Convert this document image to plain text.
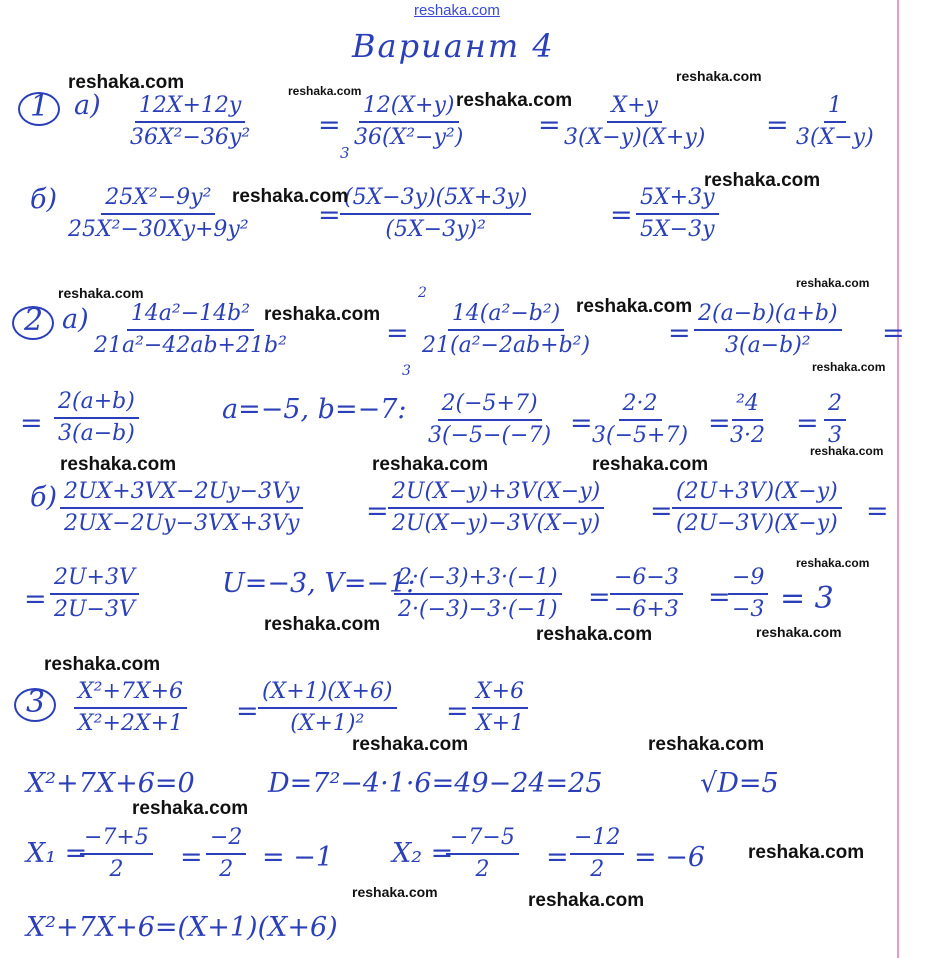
reshaka.com
Вариант 4
1 $а) \frac{12X+12y}{\text{36X²−36y²}} = \frac{12(X+y)}{\text{36(X²−y²)}}$
3
= $\frac{X+y}{3(X-y)(X+y)} = \frac{1}{3(X-y)}$
$б) \frac{\text{25X²−9y²}}{\text{25X²−30Xy+9y²}} = \frac{(5X-3y)(5X+3y)}{\text{(5X−3y)²}}$	= $\frac{5X+3y}{5X-3y}$
2 $а) \frac{\text{14a²−14b²}}{\text{21a²−42ab+21b²}}$	=
2
$\frac{\text{14(a²−b²)}}{\text{21(a²−2ab+b²)}}$
3
= $\frac{2(a-b)(a+b)}{\text{3(a−b)²}}$ =
= $\frac{2(a+b)}{3(a-b)}$	a=−5, b=−7: $\frac{2(-5+7)}{3(-5-(-7)}$ =
$\frac{2\cdot 2}{3(-5+7)}$ =
$\frac{\text{²4}}{3\cdot 2} = \frac{2}{3}$
$б) \frac{2UX+3VX-2Uy-3Vy}{2UX-2Uy-3VX+3Vy} = \frac{2U(X-y)+3V(X-y)}{2U(X-y)-3V(X-y)} = \frac{(2U+3V)(X-y)}{(2U-3V)(X-y)}$ =
= $\frac{2U+3V}{2U-3V}$	U=−3, V=−1:
$\frac{2\cdot(-3)+3\cdot(-1)}{2\cdot(-3)-3\cdot(-1)} = \frac{-6-3}{-6+3}$ =
$\frac{-9}{-3} = 3$
$3 \frac{\text{X²+7X+6}}{\text{X²+2X+1}} = \frac{(X+1)(X+6)}{\text{(X+1)²}} = \frac{X+6}{X+1}$
X²+7X+6=0	D=7²−4·1·6=49−24=25	√D=5
X₁ =
$\frac{-7+5}{2} = \frac{-2}{2} = -1$ X₂ =
$\frac{-7-5}{2} = \frac{-12}{2} = -6$
X²+7X+6=(X+1)(X+6)
reshaka.com	reshaka.com	reshaka.com
reshaka.com
reshaka.com
reshaka.com
reshaka.com
reshaka.com
reshaka.com	reshaka.com
reshaka.com
reshaka.com
reshaka.com	reshaka.com	reshaka.com
reshaka.com
reshaka.com	reshaka.com	reshaka.com
reshaka.com
reshaka.com	reshaka.com
reshaka.com
reshaka.com
reshaka.com	reshaka.com
